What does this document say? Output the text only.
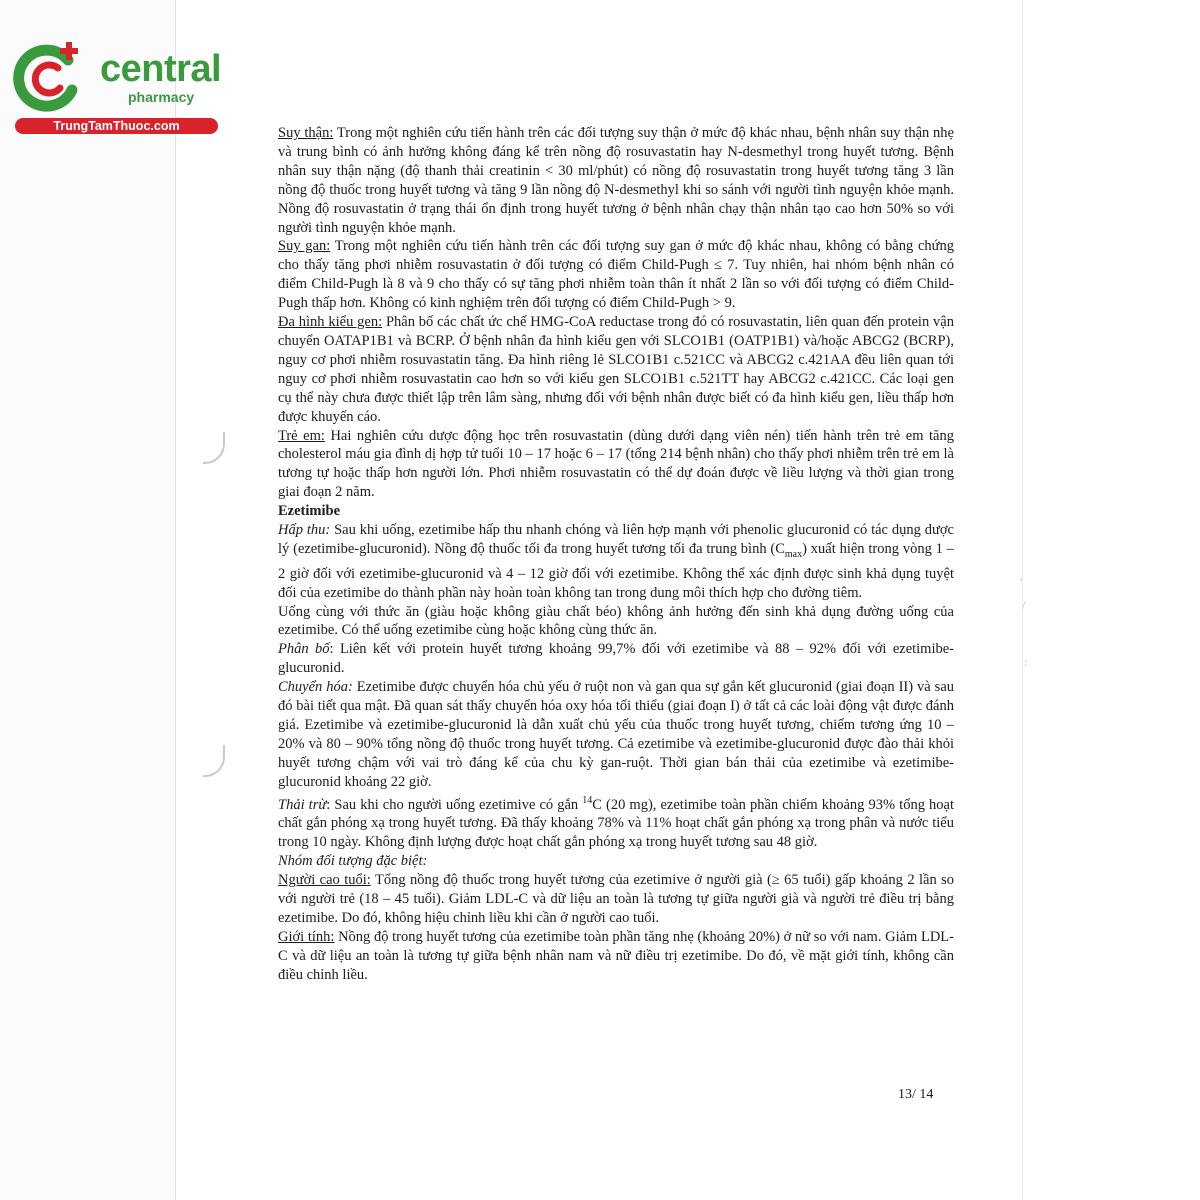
central
pharmacy
TrungTamThuoc.com
'
/
:

Suy thận: Trong một nghiên cứu tiến hành trên các đối tượng suy thận ở mức độ khác nhau, bệnh nhân suy thận nhẹ và trung bình có ảnh hưởng không đáng kể trên nồng độ rosuvastatin hay N-desmethyl trong huyết tương. Bệnh nhân suy thận nặng (độ thanh thải creatinin < 30 ml/phút) có nồng độ rosuvastatin trong huyết tương tăng 3 lần nồng độ thuốc trong huyết tương và tăng 9 lần nồng độ N-desmethyl khi so sánh với người tình nguyện khỏe mạnh. Nồng độ rosuvastatin ở trạng thái ổn định trong huyết tương ở bệnh nhân chạy thận nhân tạo cao hơn 50% so với người tình nguyện khỏe mạnh.

Suy gan: Trong một nghiên cứu tiến hành trên các đối tượng suy gan ở mức độ khác nhau, không có bằng chứng cho thấy tăng phơi nhiễm rosuvastatin ở đối tượng có điểm Child-Pugh ≤ 7. Tuy nhiên, hai nhóm bệnh nhân có điểm Child-Pugh là 8 và 9 cho thấy có sự tăng phơi nhiễm toàn thân ít nhất 2 lần so với đối tượng có điểm Child-Pugh thấp hơn. Không có kinh nghiệm trên đối tượng có điểm Child-Pugh > 9.

Đa hình kiểu gen: Phân bố các chất ức chế HMG-CoA reductase trong đó có rosuvastatin, liên quan đến protein vận chuyển OATAP1B1 và BCRP. Ở bệnh nhân đa hình kiểu gen với SLCO1B1 (OATP1B1) và/hoặc ABCG2 (BCRP), nguy cơ phơi nhiễm rosuvastatin tăng. Đa hình riêng lẻ SLCO1B1 c.521CC và ABCG2 c.421AA đều liên quan tới nguy cơ phơi nhiễm rosuvastatin cao hơn so với kiểu gen SLCO1B1 c.521TT hay ABCG2 c.421CC. Các loại gen cụ thể này chưa được thiết lập trên lâm sàng, nhưng đối với bệnh nhân được biết có đa hình kiểu gen, liều thấp hơn được khuyến cáo.

Trẻ em: Hai nghiên cứu dược động học trên rosuvastatin (dùng dưới dạng viên nén) tiến hành trên trẻ em tăng cholesterol máu gia đình dị hợp tử tuổi 10 – 17 hoặc 6 – 17 (tổng 214 bệnh nhân) cho thấy phơi nhiễm trên trẻ em là tương tự hoặc thấp hơn người lớn. Phơi nhiễm rosuvastatin có thể dự đoán được về liều lượng và thời gian trong giai đoạn 2 năm.

Ezetimibe

Hấp thu: Sau khi uống, ezetimibe hấp thu nhanh chóng và liên hợp mạnh với phenolic glucuronid có tác dụng dược lý (ezetimibe-glucuronid). Nồng độ thuốc tối đa trong huyết tương tối đa trung bình $(C_{max})$ xuất hiện trong vòng 1 – 2 giờ đối với ezetimibe-glucuronid và 4 – 12 giờ đối với ezetimibe. Không thể xác định được sinh khả dụng tuyệt đối của ezetimibe do thành phần này hoàn toàn không tan trong dung môi thích hợp cho đường tiêm.

Uống cùng với thức ăn (giàu hoặc không giàu chất béo) không ảnh hưởng đến sinh khả dụng đường uống của ezetimibe. Có thể uống ezetimibe cùng hoặc không cùng thức ăn.

Phân bố: Liên kết với protein huyết tương khoảng 99,7% đối với ezetimibe và 88 – 92% đối với ezetimibe-glucuronid.

Chuyển hóa: Ezetimibe được chuyển hóa chủ yếu ở ruột non và gan qua sự gắn kết glucuronid (giai đoạn II) và sau đó bài tiết qua mật. Đã quan sát thấy chuyển hóa oxy hóa tối thiểu (giai đoạn I) ở tất cả các loài động vật được đánh giá. Ezetimibe và ezetimibe-glucuronid là dẫn xuất chủ yếu của thuốc trong huyết tương, chiếm tương ứng 10 – 20% và 80 – 90% tổng nồng độ thuốc trong huyết tương. Cả ezetimibe và ezetimibe-glucuronid được đào thải khỏi huyết tương chậm với vai trò đáng kể của chu kỳ gan-ruột. Thời gian bán thải của ezetimibe và ezetimibe-glucuronid khoảng 22 giờ.

Thải trừ: Sau khi cho người uống ezetimive có gắn $^{14}$C (20 mg), ezetimibe toàn phần chiếm khoảng 93% tổng hoạt chất gắn phóng xạ trong huyết tương. Đã thấy khoảng 78% và 11% hoạt chất gắn phóng xạ trong phân và nước tiểu trong 10 ngày. Không định lượng được hoạt chất gắn phóng xạ trong huyết tương sau 48 giờ.

Nhóm đối tượng đặc biệt:

Người cao tuổi: Tổng nồng độ thuốc trong huyết tương của ezetimive ở người già (≥ 65 tuổi) gấp khoảng 2 lần so với người trẻ (18 – 45 tuổi). Giảm LDL-C và dữ liệu an toàn là tương tự giữa người già và người trẻ điều trị bằng ezetimibe. Do đó, không hiệu chỉnh liều khi cần ở người cao tuổi.

Giới tính: Nồng độ trong huyết tương của ezetimibe toàn phần tăng nhẹ (khoảng 20%) ở nữ so với nam. Giảm LDL-C và dữ liệu an toàn là tương tự giữa bệnh nhân nam và nữ điều trị ezetimibe. Do đó, về mặt giới tính, không cần điều chỉnh liều.

13/ 14
